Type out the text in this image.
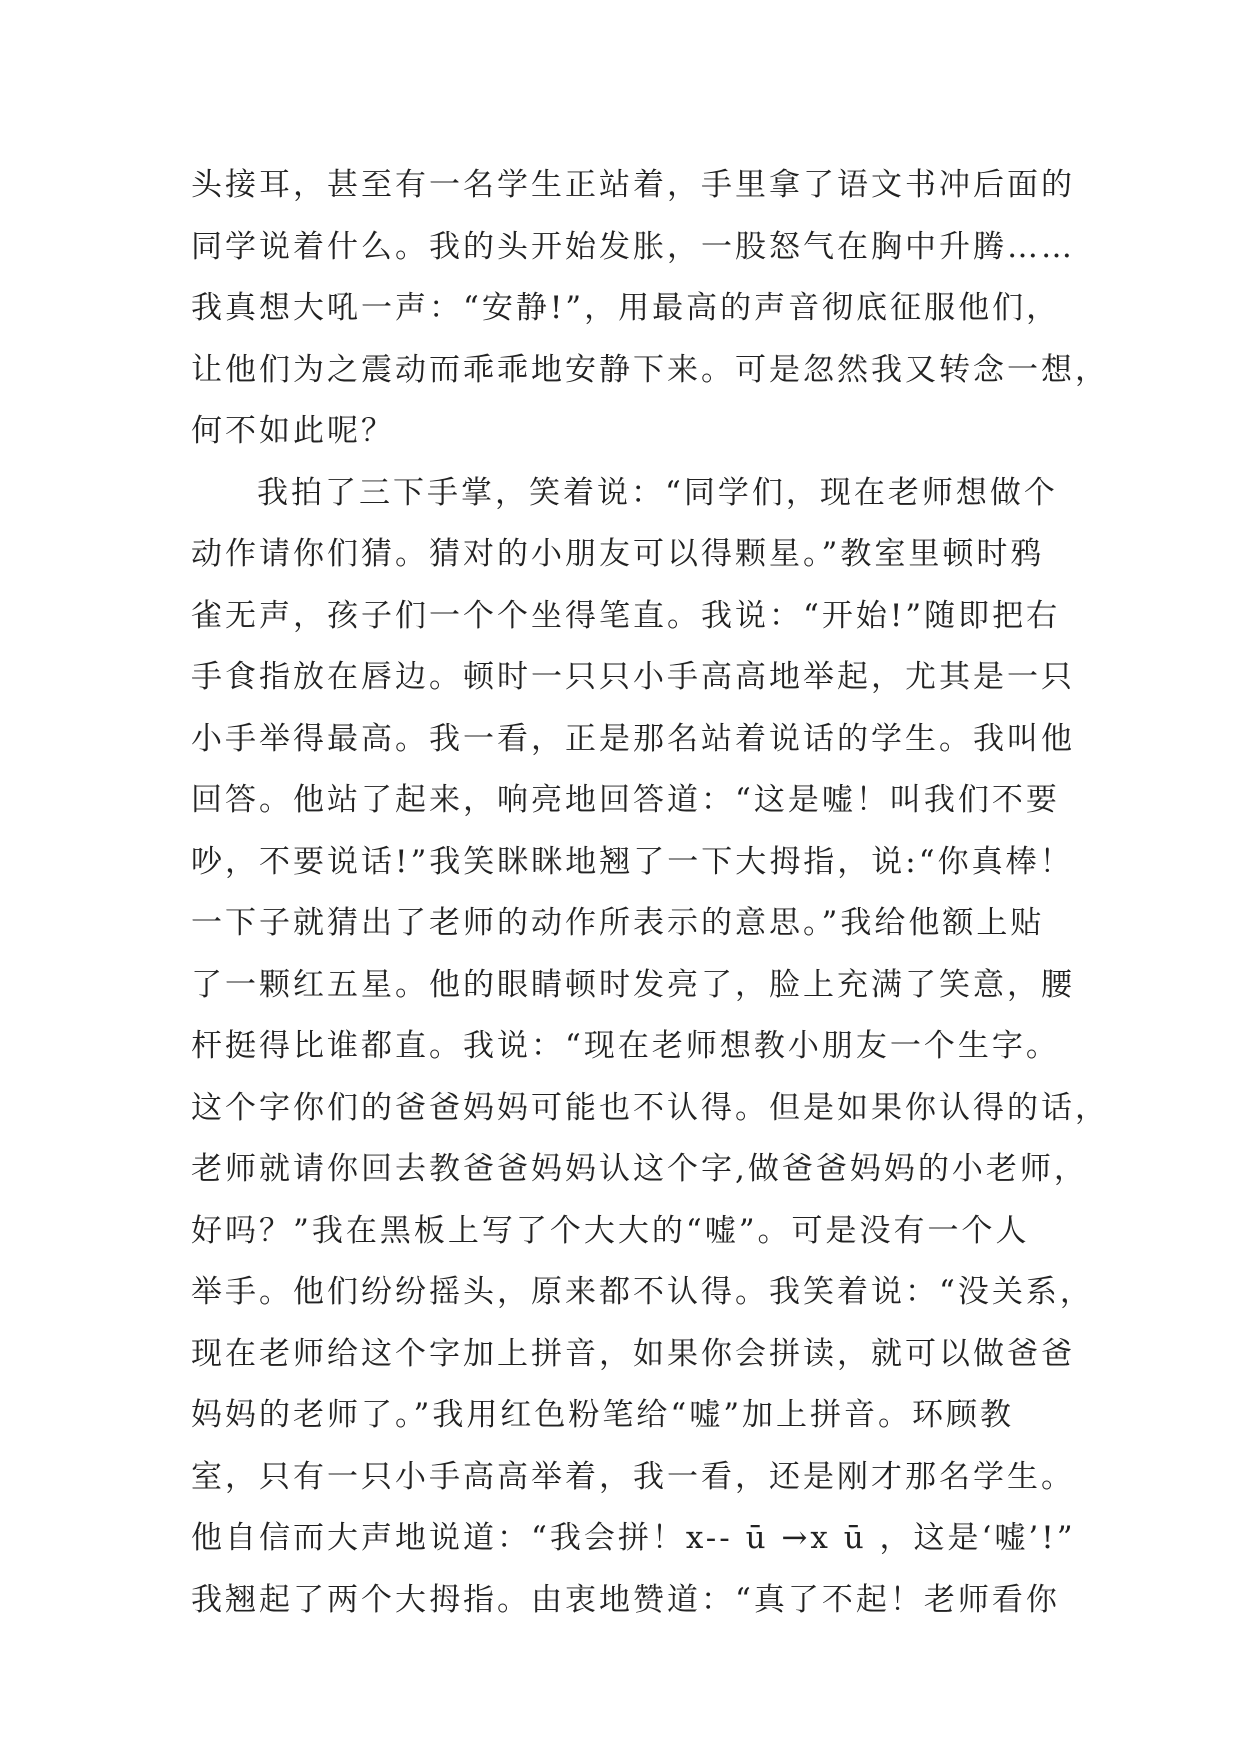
头接耳，甚至有一名学生正站着，手里拿了语文书冲后面的
同学说着什么。我的头开始发胀，一股怒气在胸中升腾……
我真想大吼一声：“安静!”，用最高的声音彻底征服他们，
让他们为之震动而乖乖地安静下来。可是忽然我又转念一想，
何不如此呢？
我拍了三下手掌，笑着说：“同学们，现在老师想做个
动作请你们猜。猜对的小朋友可以得颗星。”教室里顿时鸦
雀无声，孩子们一个个坐得笔直。我说：“开始!”随即把右
手食指放在唇边。顿时一只只小手高高地举起，尤其是一只
小手举得最高。我一看，正是那名站着说话的学生。我叫他
回答。他站了起来，响亮地回答道：“这是嘘！叫我们不要
吵，不要说话!”我笑眯眯地翘了一下大拇指，说:“你真棒！
一下子就猜出了老师的动作所表示的意思。”我给他额上贴
了一颗红五星。他的眼睛顿时发亮了，脸上充满了笑意，腰
杆挺得比谁都直。我说：“现在老师想教小朋友一个生字。
这个字你们的爸爸妈妈可能也不认得。但是如果你认得的话，
老师就请你回去教爸爸妈妈认这个字,做爸爸妈妈的小老师，
好吗？”我在黑板上写了个大大的“嘘”。可是没有一个人
举手。他们纷纷摇头，原来都不认得。我笑着说：“没关系，
现在老师给这个字加上拼音，如果你会拼读，就可以做爸爸
妈妈的老师了。”我用红色粉笔给“嘘”加上拼音。环顾教
室，只有一只小手高高举着，我一看，还是刚才那名学生。
他自信而大声地说道：“我会拼！x-- ū →x ū ，这是‘嘘’!”
我翘起了两个大拇指。由衷地赞道：“真了不起！老师看你
